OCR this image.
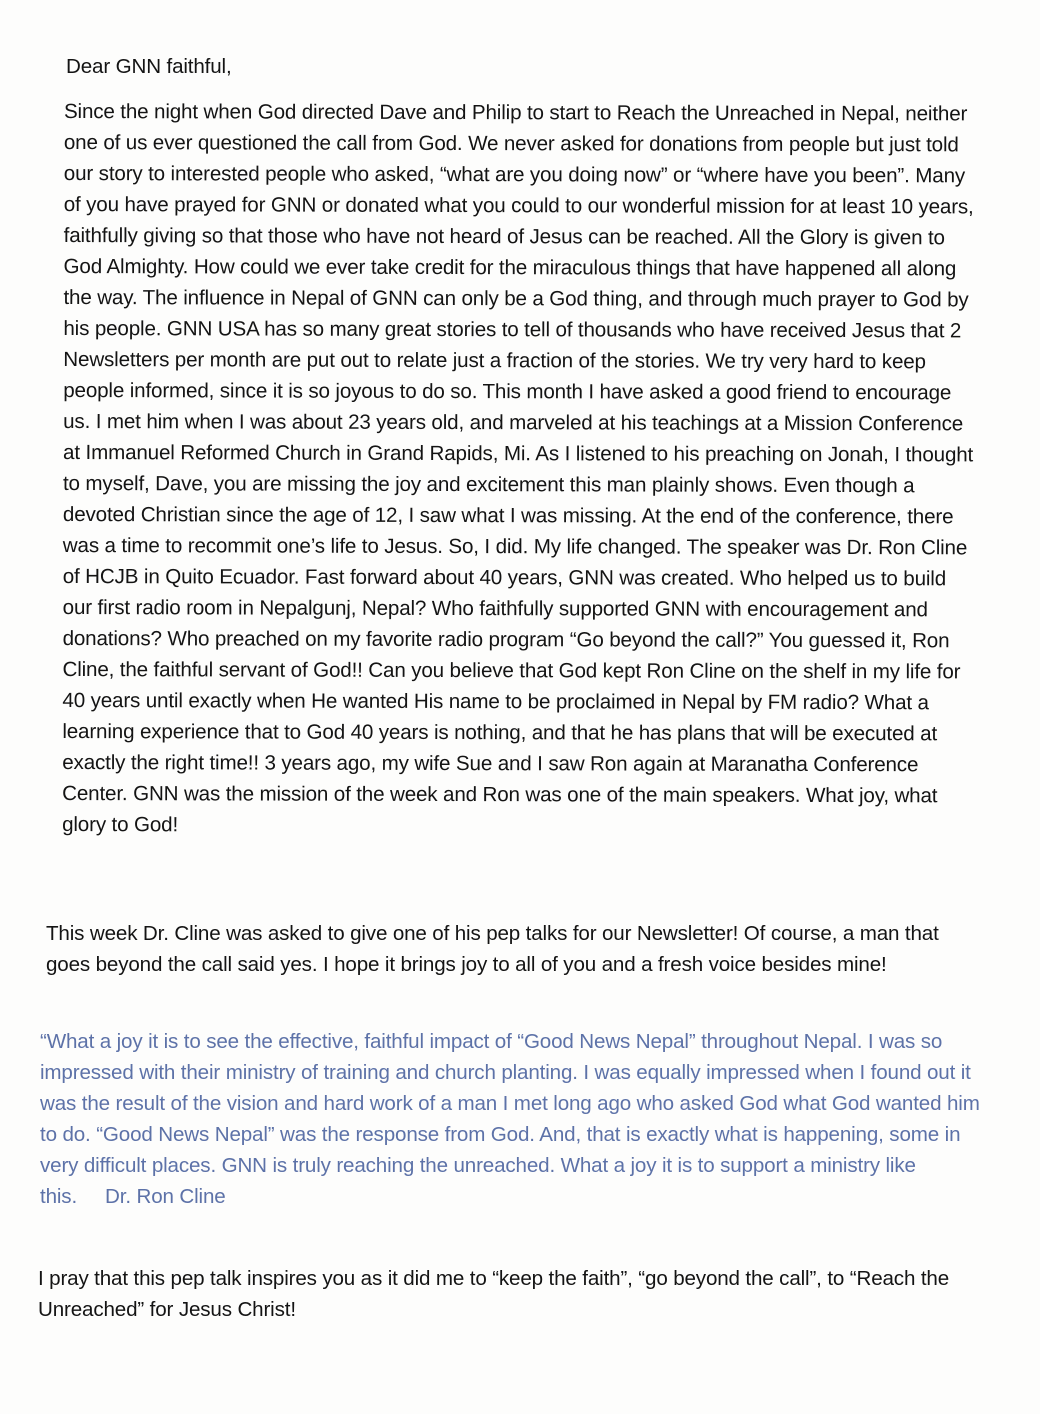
Dear GNN faithful,

Since the night when God directed Dave and Philip to start to Reach the Unreached in Nepal, neither one of us ever questioned the call from God. We never asked for donations from people but just told our story to interested people who asked, “what are you doing now” or “where have you been”. Many of you have prayed for GNN or donated what you could to our wonderful mission for at least 10 years, faithfully giving so that those who have not heard of Jesus can be reached. All the Glory is given to God Almighty. How could we ever take credit for the miraculous things that have happened all along the way. The influence in Nepal of GNN can only be a God thing, and through much prayer to God by his people. GNN USA has so many great stories to tell of thousands who have received Jesus that 2 Newsletters per month are put out to relate just a fraction of the stories. We try very hard to keep people informed, since it is so joyous to do so. This month I have asked a good friend to encourage us. I met him when I was about 23 years old, and marveled at his teachings at a Mission Conference at Immanuel Reformed Church in Grand Rapids, Mi. As I listened to his preaching on Jonah, I thought to myself, Dave, you are missing the joy and excitement this man plainly shows. Even though a devoted Christian since the age of 12, I saw what I was missing. At the end of the conference, there was a time to recommit one’s life to Jesus. So, I did. My life changed. The speaker was Dr. Ron Cline of HCJB in Quito Ecuador. Fast forward about 40 years, GNN was created. Who helped us to build our first radio room in Nepalgunj, Nepal? Who faithfully supported GNN with encouragement and donations? Who preached on my favorite radio program “Go beyond the call?” You guessed it, Ron Cline, the faithful servant of God!! Can you believe that God kept Ron Cline on the shelf in my life for 40 years until exactly when He wanted His name to be proclaimed in Nepal by FM radio? What a learning experience that to God 40 years is nothing, and that he has plans that will be executed at exactly the right time!! 3 years ago, my wife Sue and I saw Ron again at Maranatha Conference Center. GNN was the mission of the week and Ron was one of the main speakers. What joy, what glory to God!

This week Dr. Cline was asked to give one of his pep talks for our Newsletter! Of course, a man that goes beyond the call said yes. I hope it brings joy to all of you and a fresh voice besides mine!

“What a joy it is to see the effective, faithful impact of “Good News Nepal” throughout Nepal. I was so impressed with their ministry of training and church planting. I was equally impressed when I found out it was the result of the vision and hard work of a man I met long ago who asked God what God wanted him to do. “Good News Nepal” was the response from God. And, that is exactly what is happening, some in very difficult places. GNN is truly reaching the unreached. What a joy it is to support a ministry like this. Dr. Ron Cline

I pray that this pep talk inspires you as it did me to “keep the faith”, “go beyond the call”, to “Reach the Unreached” for Jesus Christ!
